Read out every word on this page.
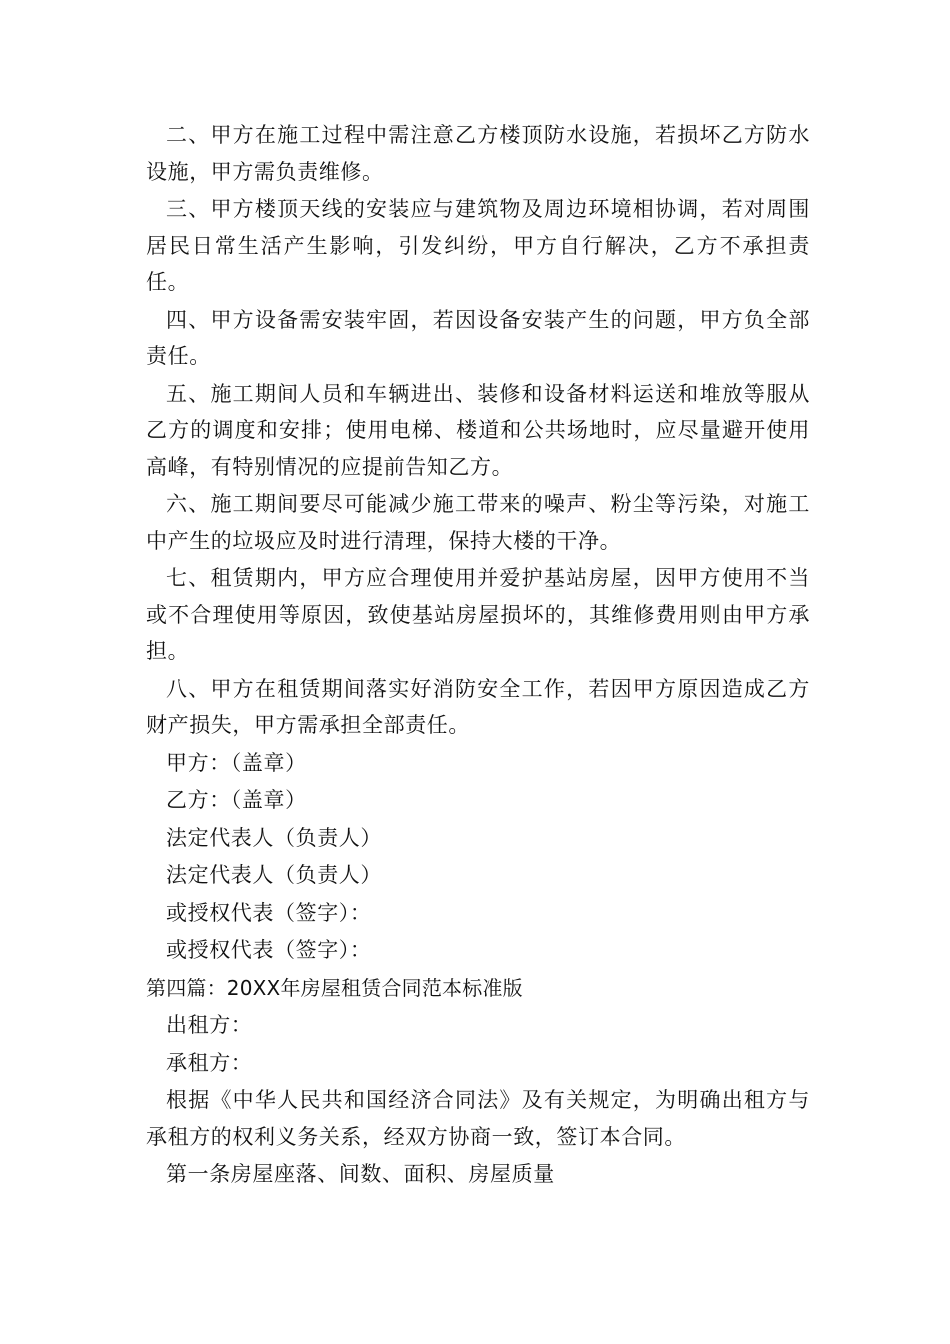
二、甲方在施工过程中需注意乙方楼顶防水设施，若损坏乙方防水设施，甲方需负责维修。

三、甲方楼顶天线的安装应与建筑物及周边环境相协调，若对周围居民日常生活产生影响，引发纠纷，甲方自行解决，乙方不承担责任。

四、甲方设备需安装牢固，若因设备安装产生的问题，甲方负全部责任。

五、施工期间人员和车辆进出、装修和设备材料运送和堆放等服从乙方的调度和安排；使用电梯、楼道和公共场地时，应尽量避开使用高峰，有特别情况的应提前告知乙方。

六、施工期间要尽可能减少施工带来的噪声、粉尘等污染，对施工中产生的垃圾应及时进行清理，保持大楼的干净。

七、租赁期内，甲方应合理使用并爱护基站房屋，因甲方使用不当或不合理使用等原因，致使基站房屋损坏的，其维修费用则由甲方承担。

八、甲方在租赁期间落实好消防安全工作，若因甲方原因造成乙方财产损失，甲方需承担全部责任。

甲方：（盖章）

乙方：（盖章）

法定代表人（负责人）

法定代表人（负责人）

或授权代表（签字）：

或授权代表（签字）：

第四篇：20XX年房屋租赁合同范本标准版

出租方：

承租方：

根据《中华人民共和国经济合同法》及有关规定，为明确出租方与承租方的权利义务关系，经双方协商一致，签订本合同。

第一条房屋座落、间数、面积、房屋质量
